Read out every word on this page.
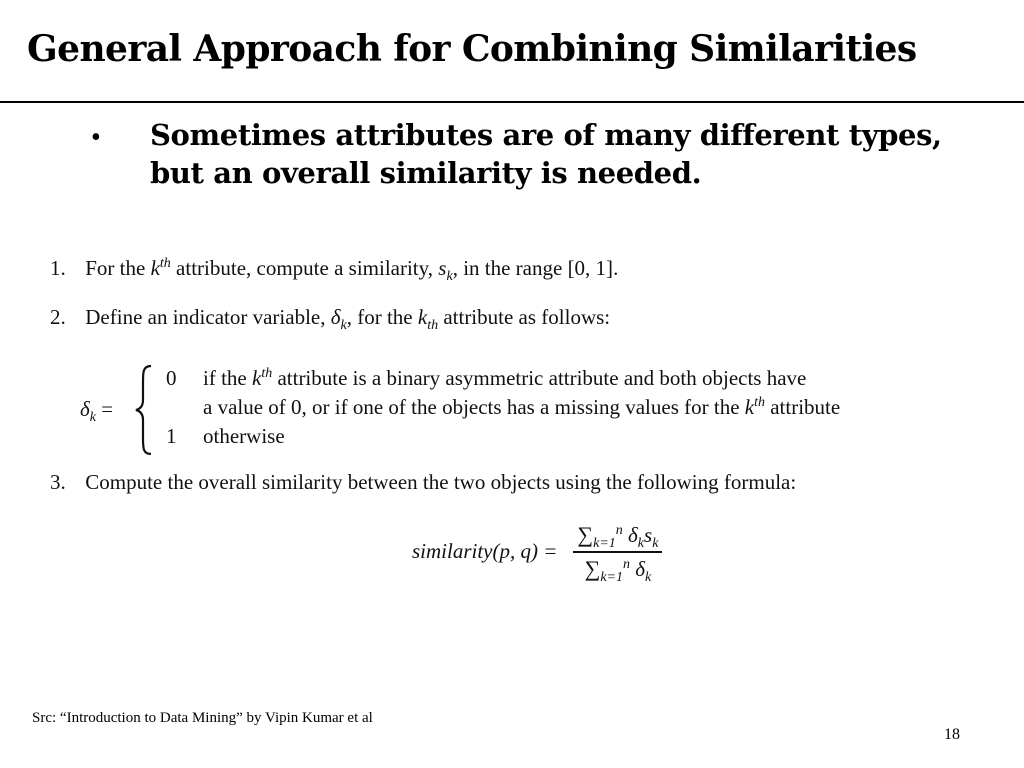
General Approach for Combining Similarities
• Sometimes attributes are of many different types, but an overall similarity is needed.
1. For the $k^{th}$ attribute, compute a similarity, $s_k$, in the range [0, 1].
2. Define an indicator variable, $\delta_k$, for the $k_{th}$ attribute as follows:
$\delta_k$ =
0 if the $k^{th}$ attribute is a binary asymmetric attribute and both objects have
a value of 0, or if one of the objects has a missing values for the $k^{th}$ attribute
1 otherwise
3. Compute the overall similarity between the two objects using the following formula:
similarity(p, $q) = \frac{\sum_{k=1}^n \delta_ks_k}{\sum_{k=1}^n \delta_k}$
Src: “Introduction to Data Mining” by Vipin Kumar et al
18
